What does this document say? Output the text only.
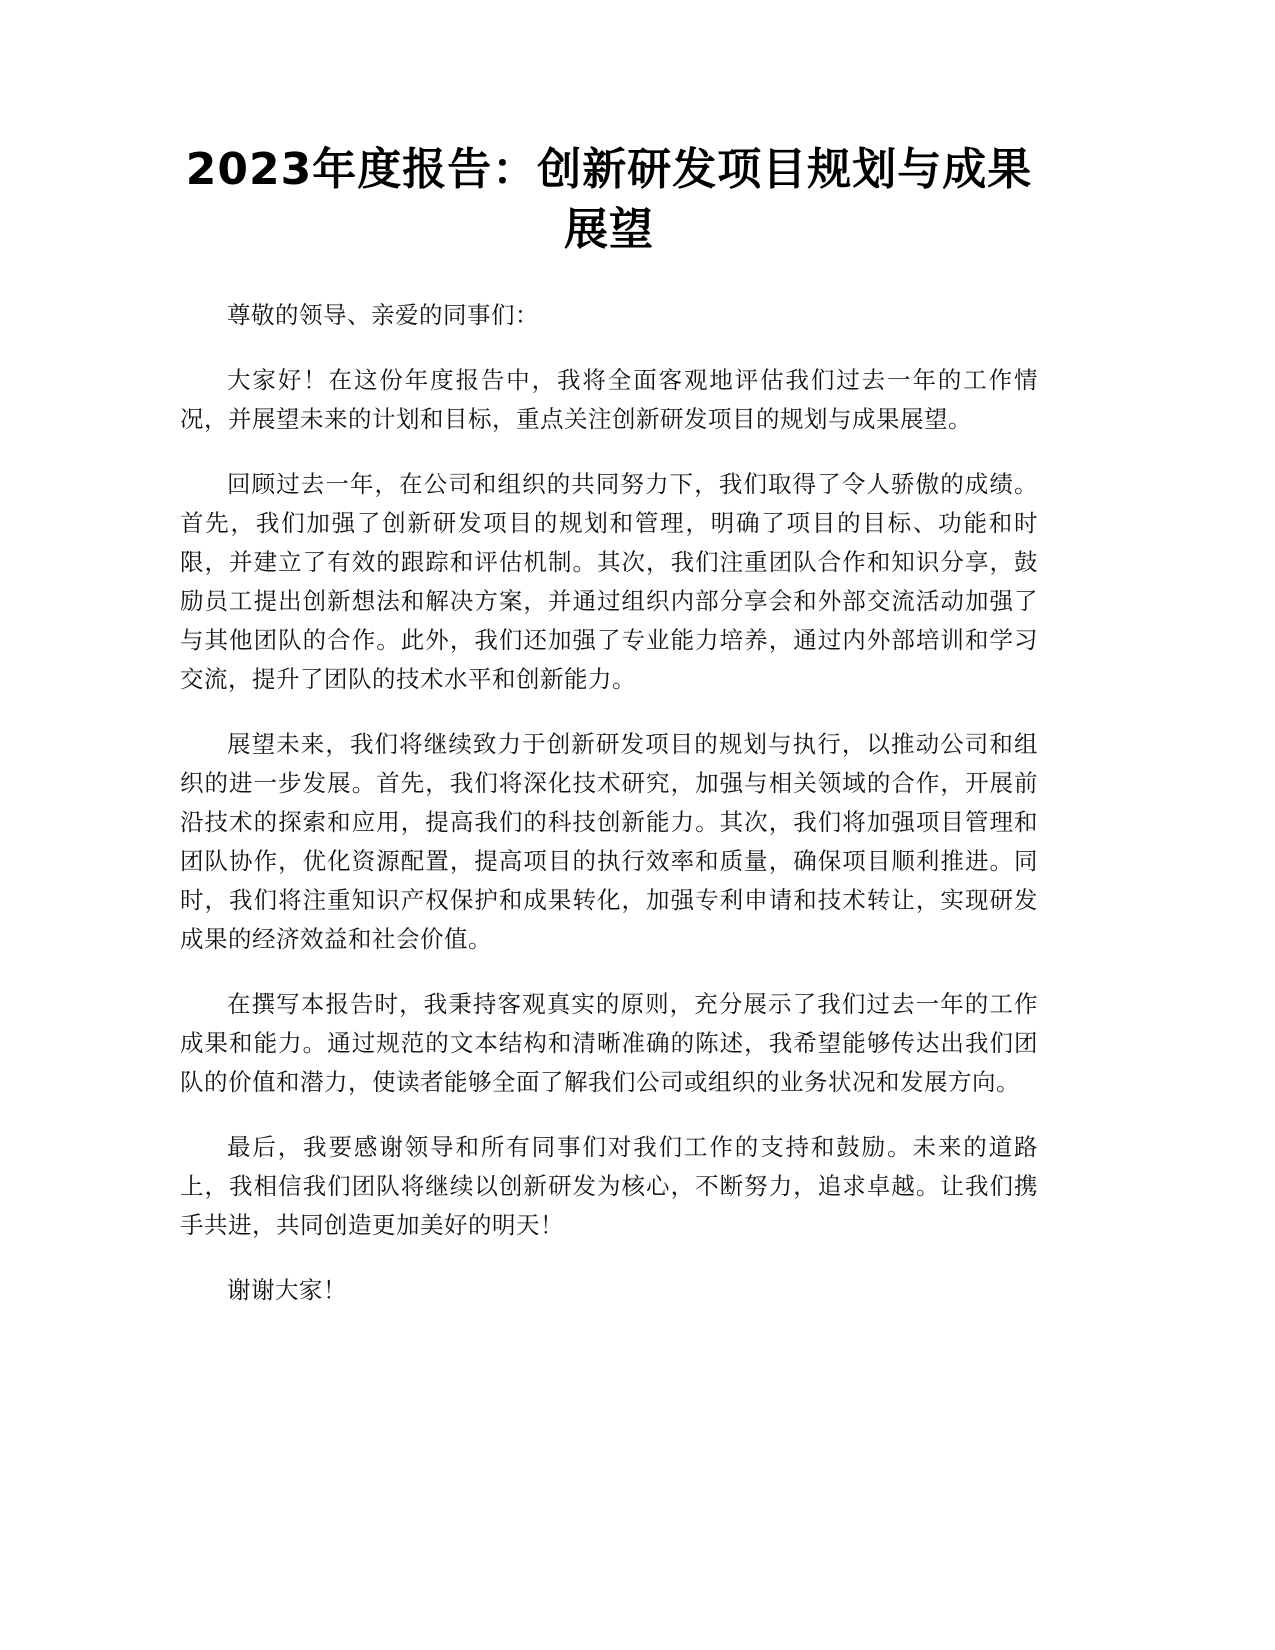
2023年度报告：创新研发项目规划与成果展望

尊敬的领导、亲爱的同事们：

大家好！在这份年度报告中，我将全面客观地评估我们过去一年的工作情况，并展望未来的计划和目标，重点关注创新研发项目的规划与成果展望。

回顾过去一年，在公司和组织的共同努力下，我们取得了令人骄傲的成绩。首先，我们加强了创新研发项目的规划和管理，明确了项目的目标、功能和时限，并建立了有效的跟踪和评估机制。其次，我们注重团队合作和知识分享，鼓励员工提出创新想法和解决方案，并通过组织内部分享会和外部交流活动加强了与其他团队的合作。此外，我们还加强了专业能力培养，通过内外部培训和学习交流，提升了团队的技术水平和创新能力。

展望未来，我们将继续致力于创新研发项目的规划与执行，以推动公司和组织的进一步发展。首先，我们将深化技术研究，加强与相关领域的合作，开展前沿技术的探索和应用，提高我们的科技创新能力。其次，我们将加强项目管理和团队协作，优化资源配置，提高项目的执行效率和质量，确保项目顺利推进。同时，我们将注重知识产权保护和成果转化，加强专利申请和技术转让，实现研发成果的经济效益和社会价值。

在撰写本报告时，我秉持客观真实的原则，充分展示了我们过去一年的工作成果和能力。通过规范的文本结构和清晰准确的陈述，我希望能够传达出我们团队的价值和潜力，使读者能够全面了解我们公司或组织的业务状况和发展方向。

最后，我要感谢领导和所有同事们对我们工作的支持和鼓励。未来的道路上，我相信我们团队将继续以创新研发为核心，不断努力，追求卓越。让我们携手共进，共同创造更加美好的明天！

谢谢大家！
